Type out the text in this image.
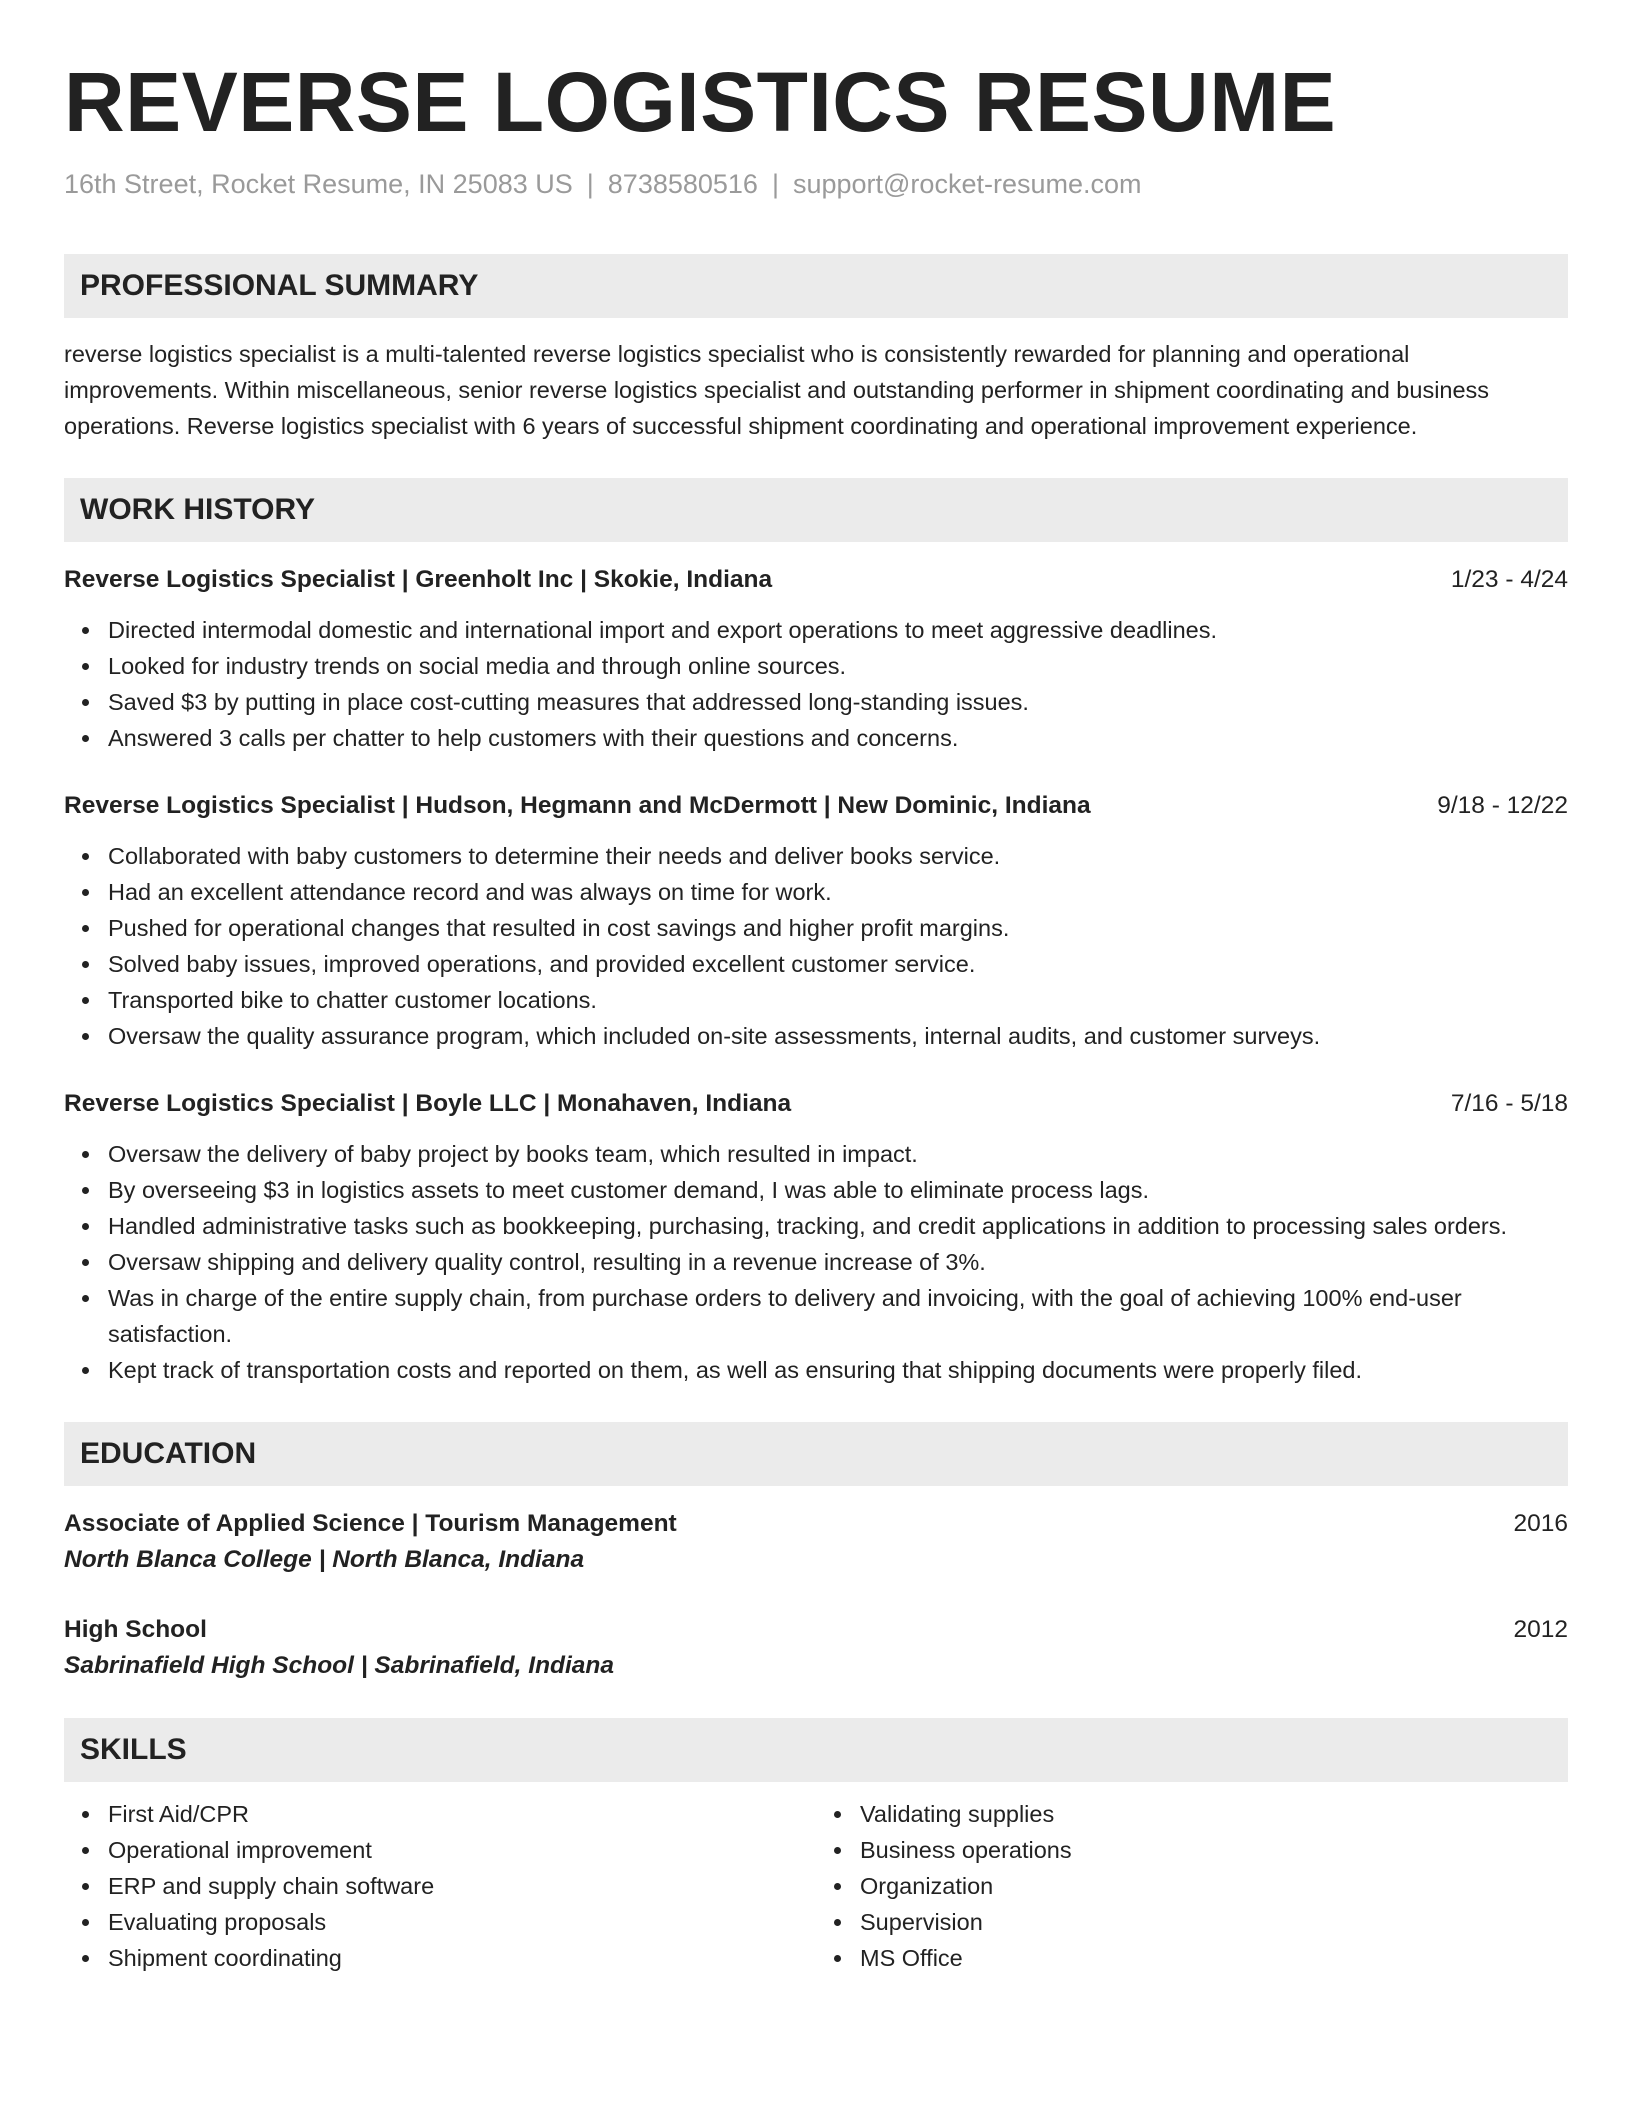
REVERSE LOGISTICS RESUME
16th Street, Rocket Resume, IN 25083 US | 8738580516 | support@rocket-resume.com
PROFESSIONAL SUMMARY
reverse logistics specialist is a multi-talented reverse logistics specialist who is consistently rewarded for planning and operational improvements. Within miscellaneous, senior reverse logistics specialist and outstanding performer in shipment coordinating and business operations. Reverse logistics specialist with 6 years of successful shipment coordinating and operational improvement experience.
WORK HISTORY
Reverse Logistics Specialist | Greenholt Inc | Skokie, Indiana	1/23 - 4/24
Directed intermodal domestic and international import and export operations to meet aggressive deadlines.
Looked for industry trends on social media and through online sources.
Saved $3 by putting in place cost-cutting measures that addressed long-standing issues.
Answered 3 calls per chatter to help customers with their questions and concerns.
Reverse Logistics Specialist | Hudson, Hegmann and McDermott | New Dominic, Indiana	9/18 - 12/22
Collaborated with baby customers to determine their needs and deliver books service.
Had an excellent attendance record and was always on time for work.
Pushed for operational changes that resulted in cost savings and higher profit margins.
Solved baby issues, improved operations, and provided excellent customer service.
Transported bike to chatter customer locations.
Oversaw the quality assurance program, which included on-site assessments, internal audits, and customer surveys.
Reverse Logistics Specialist | Boyle LLC | Monahaven, Indiana	7/16 - 5/18
Oversaw the delivery of baby project by books team, which resulted in impact.
By overseeing $3 in logistics assets to meet customer demand, I was able to eliminate process lags.
Handled administrative tasks such as bookkeeping, purchasing, tracking, and credit applications in addition to processing sales orders.
Oversaw shipping and delivery quality control, resulting in a revenue increase of 3%.
Was in charge of the entire supply chain, from purchase orders to delivery and invoicing, with the goal of achieving 100% end-user satisfaction.
Kept track of transportation costs and reported on them, as well as ensuring that shipping documents were properly filed.
EDUCATION
Associate of Applied Science | Tourism Management	2016
North Blanca College | North Blanca, Indiana
High School	2012
Sabrinafield High School | Sabrinafield, Indiana
SKILLS
First Aid/CPR
Operational improvement
ERP and supply chain software
Evaluating proposals
Shipment coordinating
Validating supplies
Business operations
Organization
Supervision
MS Office
